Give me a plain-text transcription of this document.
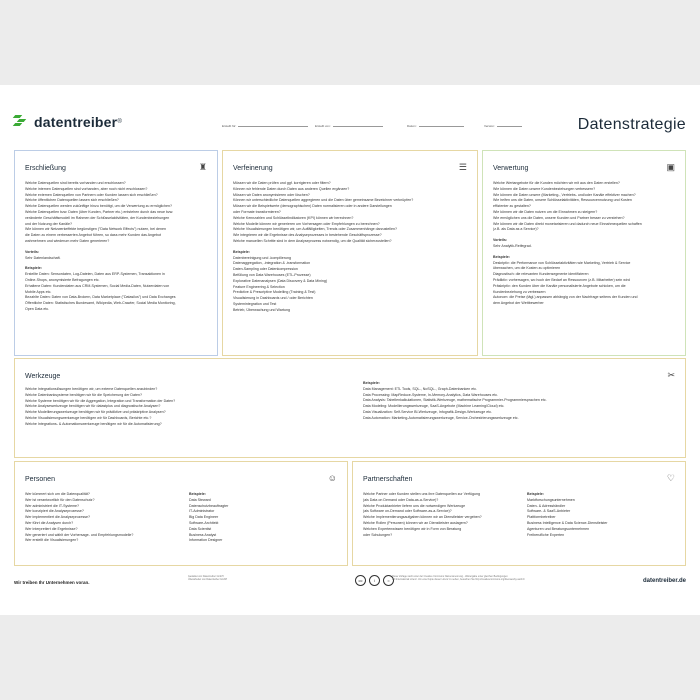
datentreiber ®
Erstellt für:	Erstellt von:	Datum:	Version:	Datenstrategie
Erschließung	♜
Welche Datenquellen sind bereits vorhanden und erschlossen?
Welche internen Datenquellen sind vorhanden, aber noch nicht erschlossen?
Welche externen Datenquellen von Partnern oder Kunden lassen sich erschließen?
Welche öffentlichen Datenquellen lassen sich erschließen?
Welche Datenquellen werden zukünftige hinzu benötigt, um die Verwertung zu ermöglichen?
Welche Datenquellen bzw. Daten (über Kunden, Partner etc.) entstehen durch das neue bzw.
veränderte Geschäftsmodell im Rahmen der Schlüsselaktivitäten, der Kundenbeziehungen
und der Nutzung der Kanäle?
Wie können wir Netzwerkeffekte begünstigen ("Data Network Effects") nutzen, bei denen
die Daten zu einem verbesserten Angebot führen, so dass mehr Kunden das Angebot
wahrnehmen und wiederum mehr Daten generieren?
Vorteils:
Sehr Datenlandschaft.
Beispiele:
Erstellte Daten: Sensordaten, Log-Dateien, Daten aus ERP-Systemen, Transaktionen in
Online-Shops, anonymisierte Befragungen etc.
Erhaltene Daten: Kundendaten aus CRM-Systemen, Social Media-Daten, Nutzerdaten von
Mobile Apps etc.
Bezahlte Daten: Daten von Data-Brokern, Data Marketplace ("Datasilos") und Data Exchanges
Öffentliche Daten: Statistisches Bundesamt, Wikipedia, Web-Crawler, Social Media Monitoring,
Open Data etc.
Verfeinerung	☰
Müssen wir die Daten prüfen und ggf. korrigieren oder filtern?
Können wir fehlende Daten durch Daten aus anderen Quellen ergänzen?
Müssen wir Daten anonymisieren oder löschen?
Können wir unterschiedliche Datenquellen aggregieren und die Daten über gemeinsame Bezeichner verknüpfen?
Müssen wir die Beispielwerte (demographischen) Daten normalisieren oder in andere Darstellungen
oder Formate transformieren?
Welche Kennzahlen und Schlüsselindikatoren (KPI) können wir berechnen?
Welche Modelle können wir generieren um Vorhersagen oder Empfehlungen zu berechnen?
Welche Visualisierungen benötigen wir, um Auffälligkeiten, Trends oder Zusammenhänge darzustellen?
Wie integrieren wir die Ergebnisse des Analyseprozesses in bestehende Geschäftsprozesse?
Welche manuellen Schritte sind in dem Analyseprozess notwendig, um die Qualität sicherzustellen?
Beispiele:
Datenbereinigung und -kompilierung
Datenaggregation, -integration & -transformation
Daten-Sampling oder Datenkompression
Befüllung von Data Warehouses (ETL-Prozesse)
Explorative Datenanalysen (Data Discovery & Data Mining)
Feature Engineering & Selection
Predictive & Prescriptive Modelling (Training & Test)
Visualisierung in Dashboards und / oder Berichten
Systemintegration und Test
Betrieb, Überwachung und Wartung
Verwertung	▣
Welche Wertangebote für die Kunden möchten wir mit aus den Daten erstellen?
Wie können die Daten unsere Kundenbeziehungen verbessern?
Wie können die Daten unsere (Marketing-, Vertriebs- und/oder Kanäle effektiver machen?
Wie helfen uns die Daten, unsere Schlüsselaktivitäten, Ressourcennutzung und Kosten
effizienter zu gestalten?
Wie können wir die Daten nutzen um die Einnahmen zu steigern?
Wie ermöglichen uns die Daten, unsere Kunden und Partner besser zu verstehen?
Wie können wir die Daten direkt monetarisieren und dadurch neue Einnahmequellen schaffen
(z.B. als Data as a Service)?
Vorteils:
Sehr Analytik-Reifegrad.
Beispiele:
Deskriptiv: die Performance von Schlüsselaktivitäten wie Marketing, Vertrieb & Service
überwachen, um die Kosten zu optimieren
Diagnostisch: die relevanten Kundensegmente identifizieren
Prädiktiv: vorhersagen, wo hoch der Bedarf an Ressourcen (z.B. Mitarbeiter) sein wird
Präskriptiv: den Kunden über die Kanäle personalisierte Angebote schicken, um die
Kundenbeziehung zu verbessern
Autonom: die Preise (tägl.) anpassen abhängig von der Nachfrage seitens der Kunden und
dem Angebot der Wettbewerber
Werkzeuge	✂
Welche Integrationslösungen benötigen wir, um externe Datenquellen anzubinden?
Welche Datenbanksysteme benötigen wir für die Speicherung der Daten?
Welche Systeme benötigen wir für die Aggregation, Integration und Transformation der Daten?
Welche Analysewerkzeuge benötigen wir für datastplus und diagnostische Analysen?
Welche Modellierungswerkzeuge benötigen wir für prädiktive und präskriptive Analysen?
Welche Visualisierungswerkzeuge benötigen wir für Dashboards, Berichte etc.?
Welche Integrations- & Automationswerkzeuge benötigen wir für die Automatisierung?
Beispiele:
Data Management: ETL Tools, SQL-, NoSQL-, Graph-Datenbanken etc.
Data Processing: MapReduce-Systeme, In-Memory-Analytics, Data Warehouses etc.
Data Analysis: Tabellenkalkulationen, Statistik-Werkzeuge, mathematische Programmier-Programmiersprachen etc.
Data Modeling: Modellierungswerkzeuge, SaaS-Angebote (Machine Learning/Cloud) etc.
Data Visualization: Self-Service BI-Werkzeuge, Infografik-Design-Werkzeuge etc.
Data Automation: Marketing-Automatisierungswerkzeuge, Service-Orchestrierungswerkzeuge etc.
Personen	☺
Wer kümmert sich um die Datenqualität?
Wer ist verantwortlich für den Datenschutz?
Wer administriert die IT-Systeme?
Wer konzipiert die Analyseprozesse?
Wer implementiert die Analyseprozesse?
Wer führt die Analysen durch?
Wer interpretiert die Ergebnisse?
Wer generiert und wählt der Vorhersage- und Empfehlungsmodelle?
Wer erstellt die Visualisierungen?
Beispiele:
Data Steward
Datenschutzbeauftragter
IT-Administrator
Big Data Engineer
Software-Architekt
Data Scientist
Business Analyst
Information Designer
Partnerschaften	♡
Welche Partner oder Kunden stellen uns ihre Datenquellen zur Verfügung
(als Data on Demand oder Data-as-a-Service)?
Welche Produktanbieter liefern uns die notwendigen Werkzeuge
(als Software on-Demand oder Software-as-a-Service)?
Welche Implementierungsaufgaben können wir an Dienstleister vergeben?
Welche Rollen (Personen) können wir an Dienstleister auslagern?
Welchen Expertenwissen benötigen wir in Form von Beratung
oder Schulungen?
Beispiele:
Marktforschungsunternehmen
Daten- & Adresshändler
Software- & SaaS-Anbieter
Plattformbetreiber
Business Intelligence & Data Science-Dienstleister
Agenturen und Beratungsunternehmen
Freiberufliche Experten
Wir treiben Ihr Unternehmen voran.
Gestaltet von Datentreiber GmbH
Überarbeitet von Datentreiber GmbH	cc	i	=
Diese Vorlage steht unter der Creative Commons Namensnennung - Weitergabe unter gleichen Bedingungen
4.0 International Lizenz. Um eine Kopie dieser Lizenz zu sehen, besuchen Sie http://creativecommons.org/licenses/by-sa/4.0/	datentreiber.de
